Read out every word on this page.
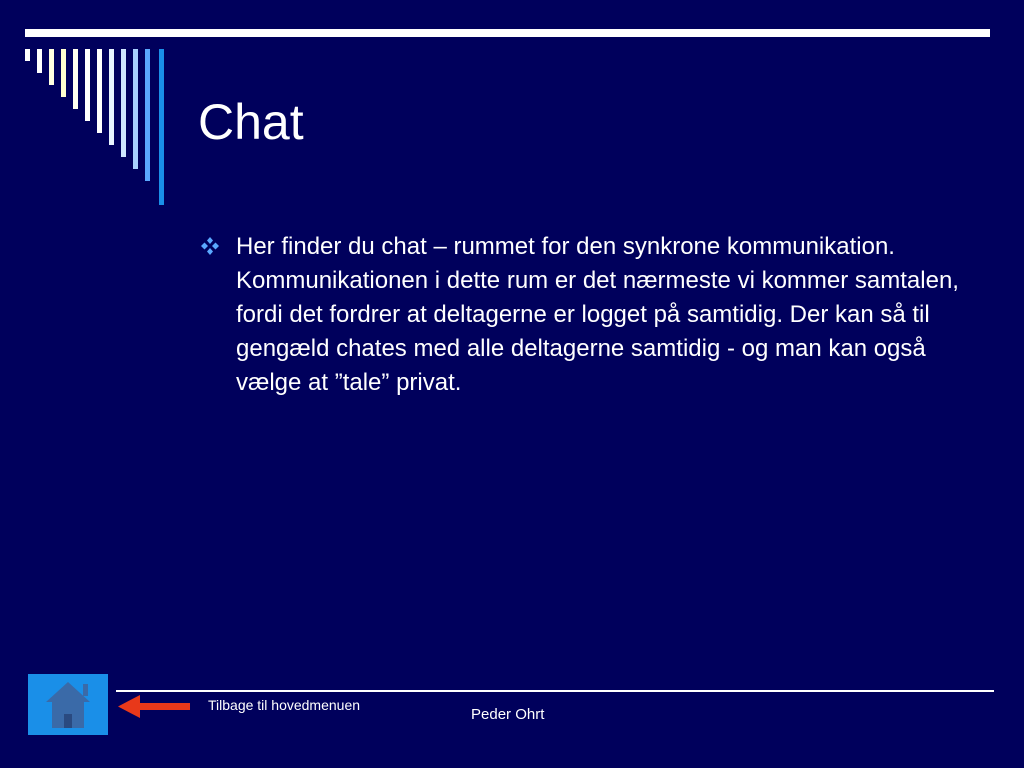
Chat
Her finder du chat – rummet for den synkrone kommunikation. Kommunikationen i dette rum er det nærmeste vi kommer samtalen, fordi det fordrer at deltagerne er logget på samtidig. Der kan så til gengæld chates med alle deltagerne samtidig - og man kan også vælge at ”tale” privat.
Tilbage til hovedmenuen
Peder Ohrt
